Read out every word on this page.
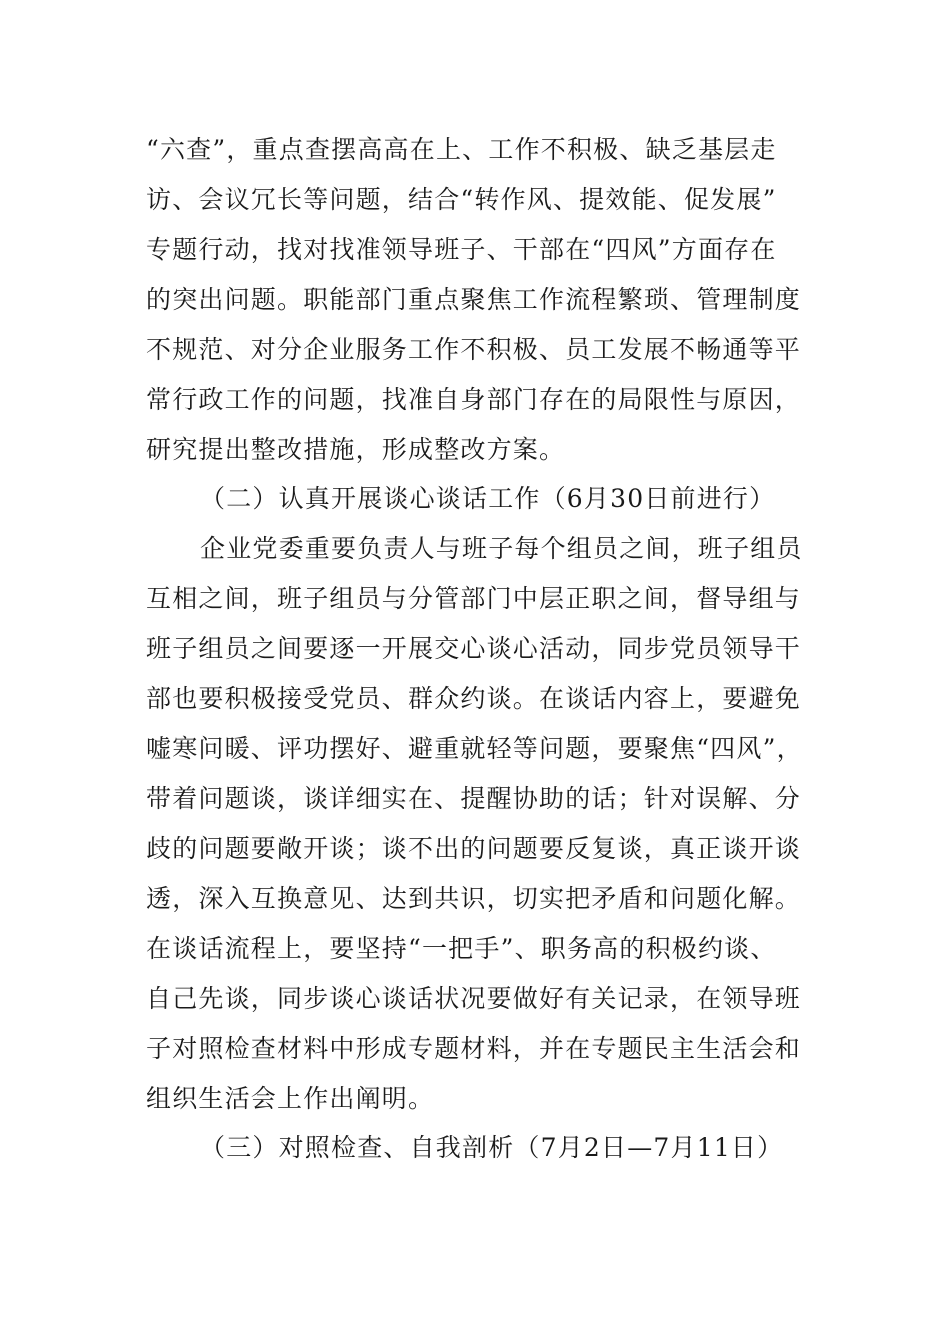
“六查”，重点查摆高高在上、工作不积极、缺乏基层走
访、会议冗长等问题，结合“转作风、提效能、促发展”
专题行动，找对找准领导班子、干部在“四风”方面存在
的突出问题。职能部门重点聚焦工作流程繁琐、管理制度
不规范、对分企业服务工作不积极、员工发展不畅通等平
常行政工作的问题，找准自身部门存在的局限性与原因，
研究提出整改措施，形成整改方案。
（二）认真开展谈心谈话工作（6月30日前进行）
企业党委重要负责人与班子每个组员之间，班子组员
互相之间，班子组员与分管部门中层正职之间，督导组与
班子组员之间要逐一开展交心谈心活动，同步党员领导干
部也要积极接受党员、群众约谈。在谈话内容上，要避免
嘘寒问暖、评功摆好、避重就轻等问题，要聚焦“四风”，
带着问题谈，谈详细实在、提醒协助的话；针对误解、分
歧的问题要敞开谈；谈不出的问题要反复谈，真正谈开谈
透，深入互换意见、达到共识，切实把矛盾和问题化解。
在谈话流程上，要坚持“一把手”、职务高的积极约谈、
自己先谈，同步谈心谈话状况要做好有关记录，在领导班
子对照检查材料中形成专题材料，并在专题民主生活会和
组织生活会上作出阐明。
（三）对照检查、自我剖析（7月2日—7月11日）
